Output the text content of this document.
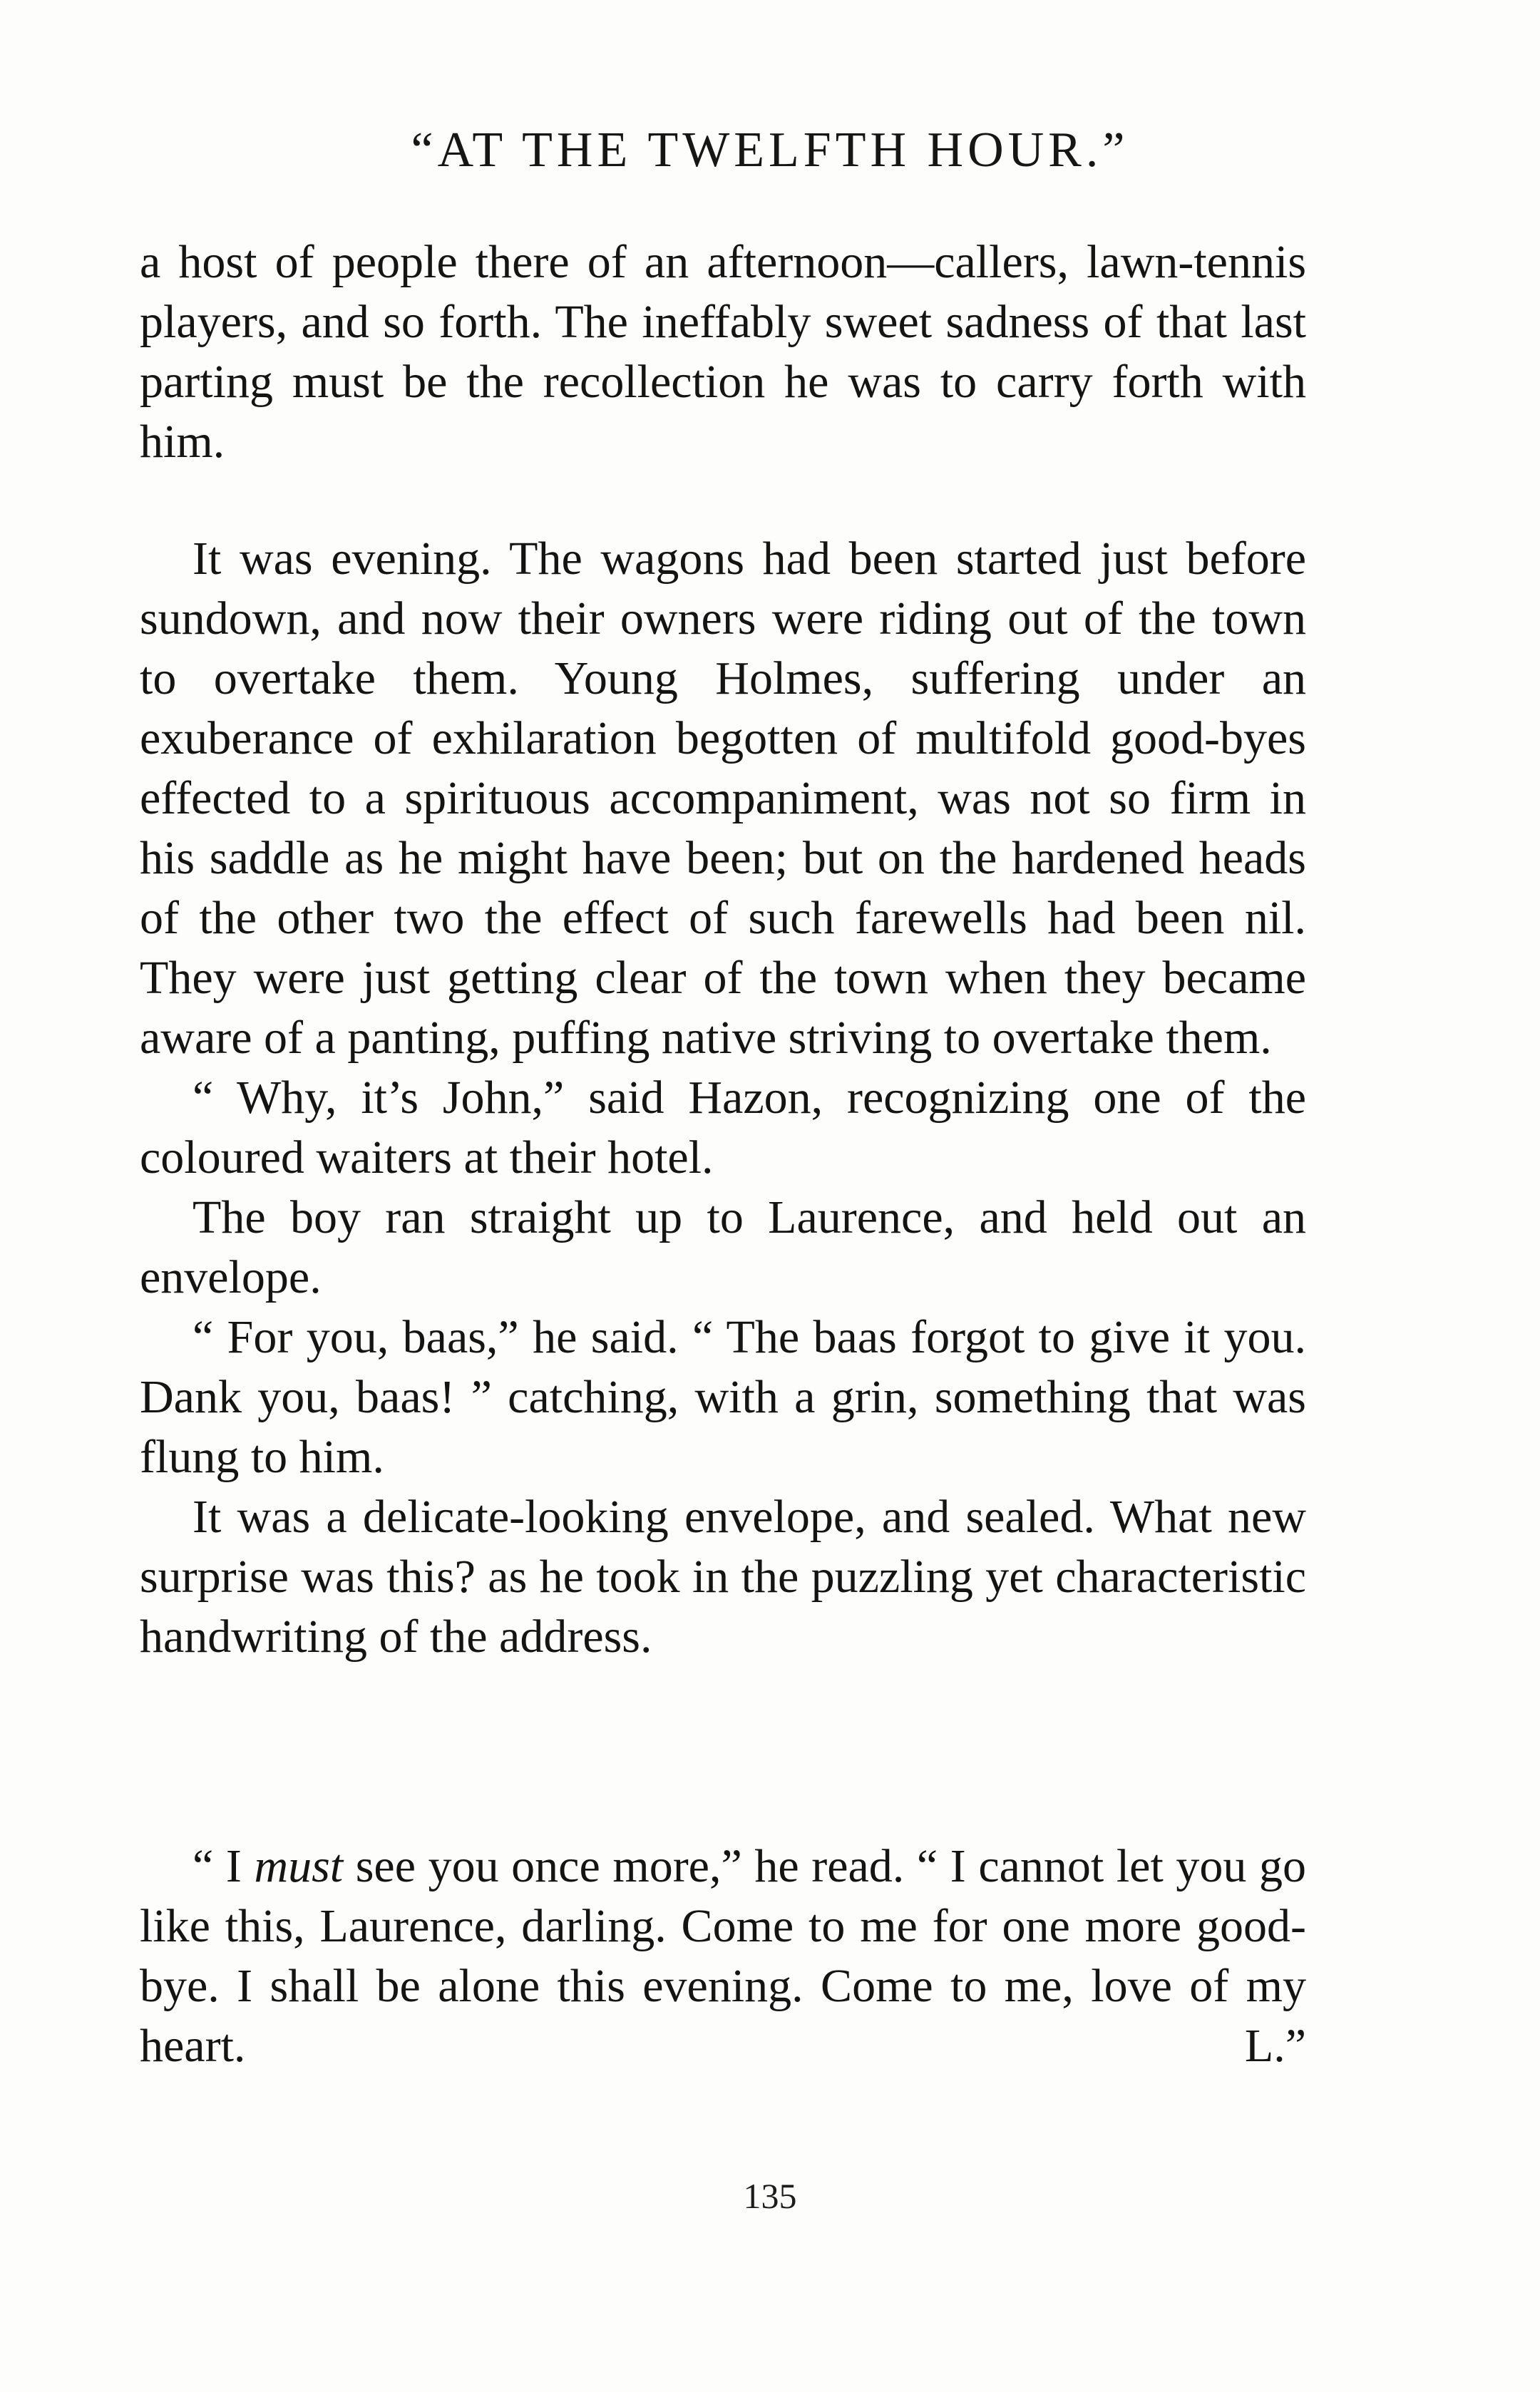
“AT THE TWELFTH HOUR.”

a host of people there of an afternoon—callers, lawn-tennis players, and so forth. The ineffably sweet sadness of that last parting must be the recollection he was to carry forth with him.

It was evening. The wagons had been started just before sundown, and now their owners were riding out of the town to overtake them. Young Holmes, suffering under an exuberance of exhilaration begotten of multifold good-byes effected to a spirituous accompaniment, was not so firm in his saddle as he might have been; but on the hardened heads of the other two the effect of such farewells had been nil. They were just getting clear of the town when they became aware of a panting, puffing native striving to overtake them.

“ Why, it’s John,” said Hazon, recognizing one of the coloured waiters at their hotel.

The boy ran straight up to Laurence, and held out an envelope.

“ For you, baas,” he said. “ The baas forgot to give it you. Dank you, baas! ” catching, with a grin, something that was flung to him.

It was a delicate-looking envelope, and sealed. What new surprise was this? as he took in the puzzling yet characteristic handwriting of the address.

“ I must see you once more,” he read. “ I cannot let you go like this, Laurence, darling. Come to me for one more good-bye. I shall be alone this evening. Come to me, love of my heart.	L.”

135
